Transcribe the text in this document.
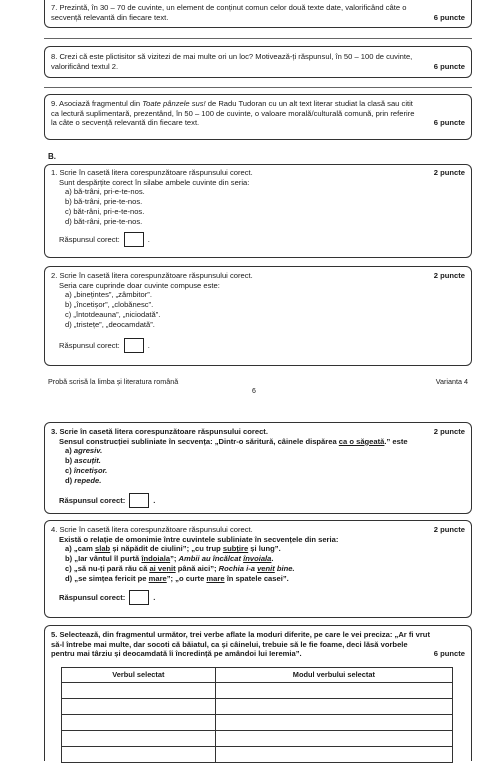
7. Prezintă, în 30 – 70 de cuvinte, un element de conținut comun celor două texte date, valorificând câte o
secvență relevantă din fiecare text.	6 puncte
8. Crezi că este plictisitor să vizitezi de mai multe ori un loc? Motivează-ți răspunsul, în 50 – 100 de cuvinte,
valorificând textul 2.	6 puncte
9. Asociază fragmentul din Toate pânzele sus! de Radu Tudoran cu un alt text literar studiat la clasă sau citit
ca lectură suplimentară, prezentând, în 50 – 100 de cuvinte, o valoare morală/culturală comună, prin referire
la câte o secvență relevantă din fiecare text.	6 puncte
B.
1. Scrie în casetă litera corespunzătoare răspunsului corect.	2 puncte
Sunt despărțite corect în silabe ambele cuvinte din seria:
a) bă-trâni, pri-e-te-nos.
b) bă-trâni, prie-te-nos.
c) băt-râni, pri-e-te-nos.
d) băt-râni, prie-te-nos.
Răspunsul corect:	.
2. Scrie în casetă litera corespunzătoare răspunsului corect.	2 puncte
Seria care cuprinde doar cuvinte compuse este:
a) „binețintes”, „zâmbitor”.
b) „încetișor”, „clobănesc”.
c) „întotdeauna”, „niciodată”.
d) „tristețe”, „deocamdată”.
Răspunsul corect:	.
Probă scrisă la limba și literatura română	Varianta 4
6
3. Scrie în casetă litera corespunzătoare răspunsului corect.	2 puncte
Sensul construcției subliniate în secvența: „Dintr-o săritură, câinele dispărea ca o săgeată.” este
a) agresiv.
b) ascuțit.
c) încetișor.
d) repede.
Răspunsul corect:	.
4. Scrie în casetă litera corespunzătoare răspunsului corect.	2 puncte
Există o relație de omonimie între cuvintele subliniate în secvențele din seria:
a) „cam slab și năpădit de ciulini”; „cu trup subțire și lung”.
b) „Iar vântul îl purtă îndoiala”; Ambii au încălcat învoiala.
c) „să nu-ți pară rău că ai venit până aici”; Rochia i-a venit bine.
d) „se simțea fericit pe mare”; „o curte mare în spatele casei”.
Răspunsul corect:	.
5. Selectează, din fragmentul următor, trei verbe aflate la moduri diferite, pe care le vei preciza: „Ar fi vrut
să-l întrebe mai multe, dar socoti că băiatul, ca și câinelui, trebuie să le fie foame, deci lăsă vorbele
pentru mai târziu și deocamdată îi încredință pe amândoi lui Ieremia”.	6 puncte
Verbul selectat	Modul verbului selectat
